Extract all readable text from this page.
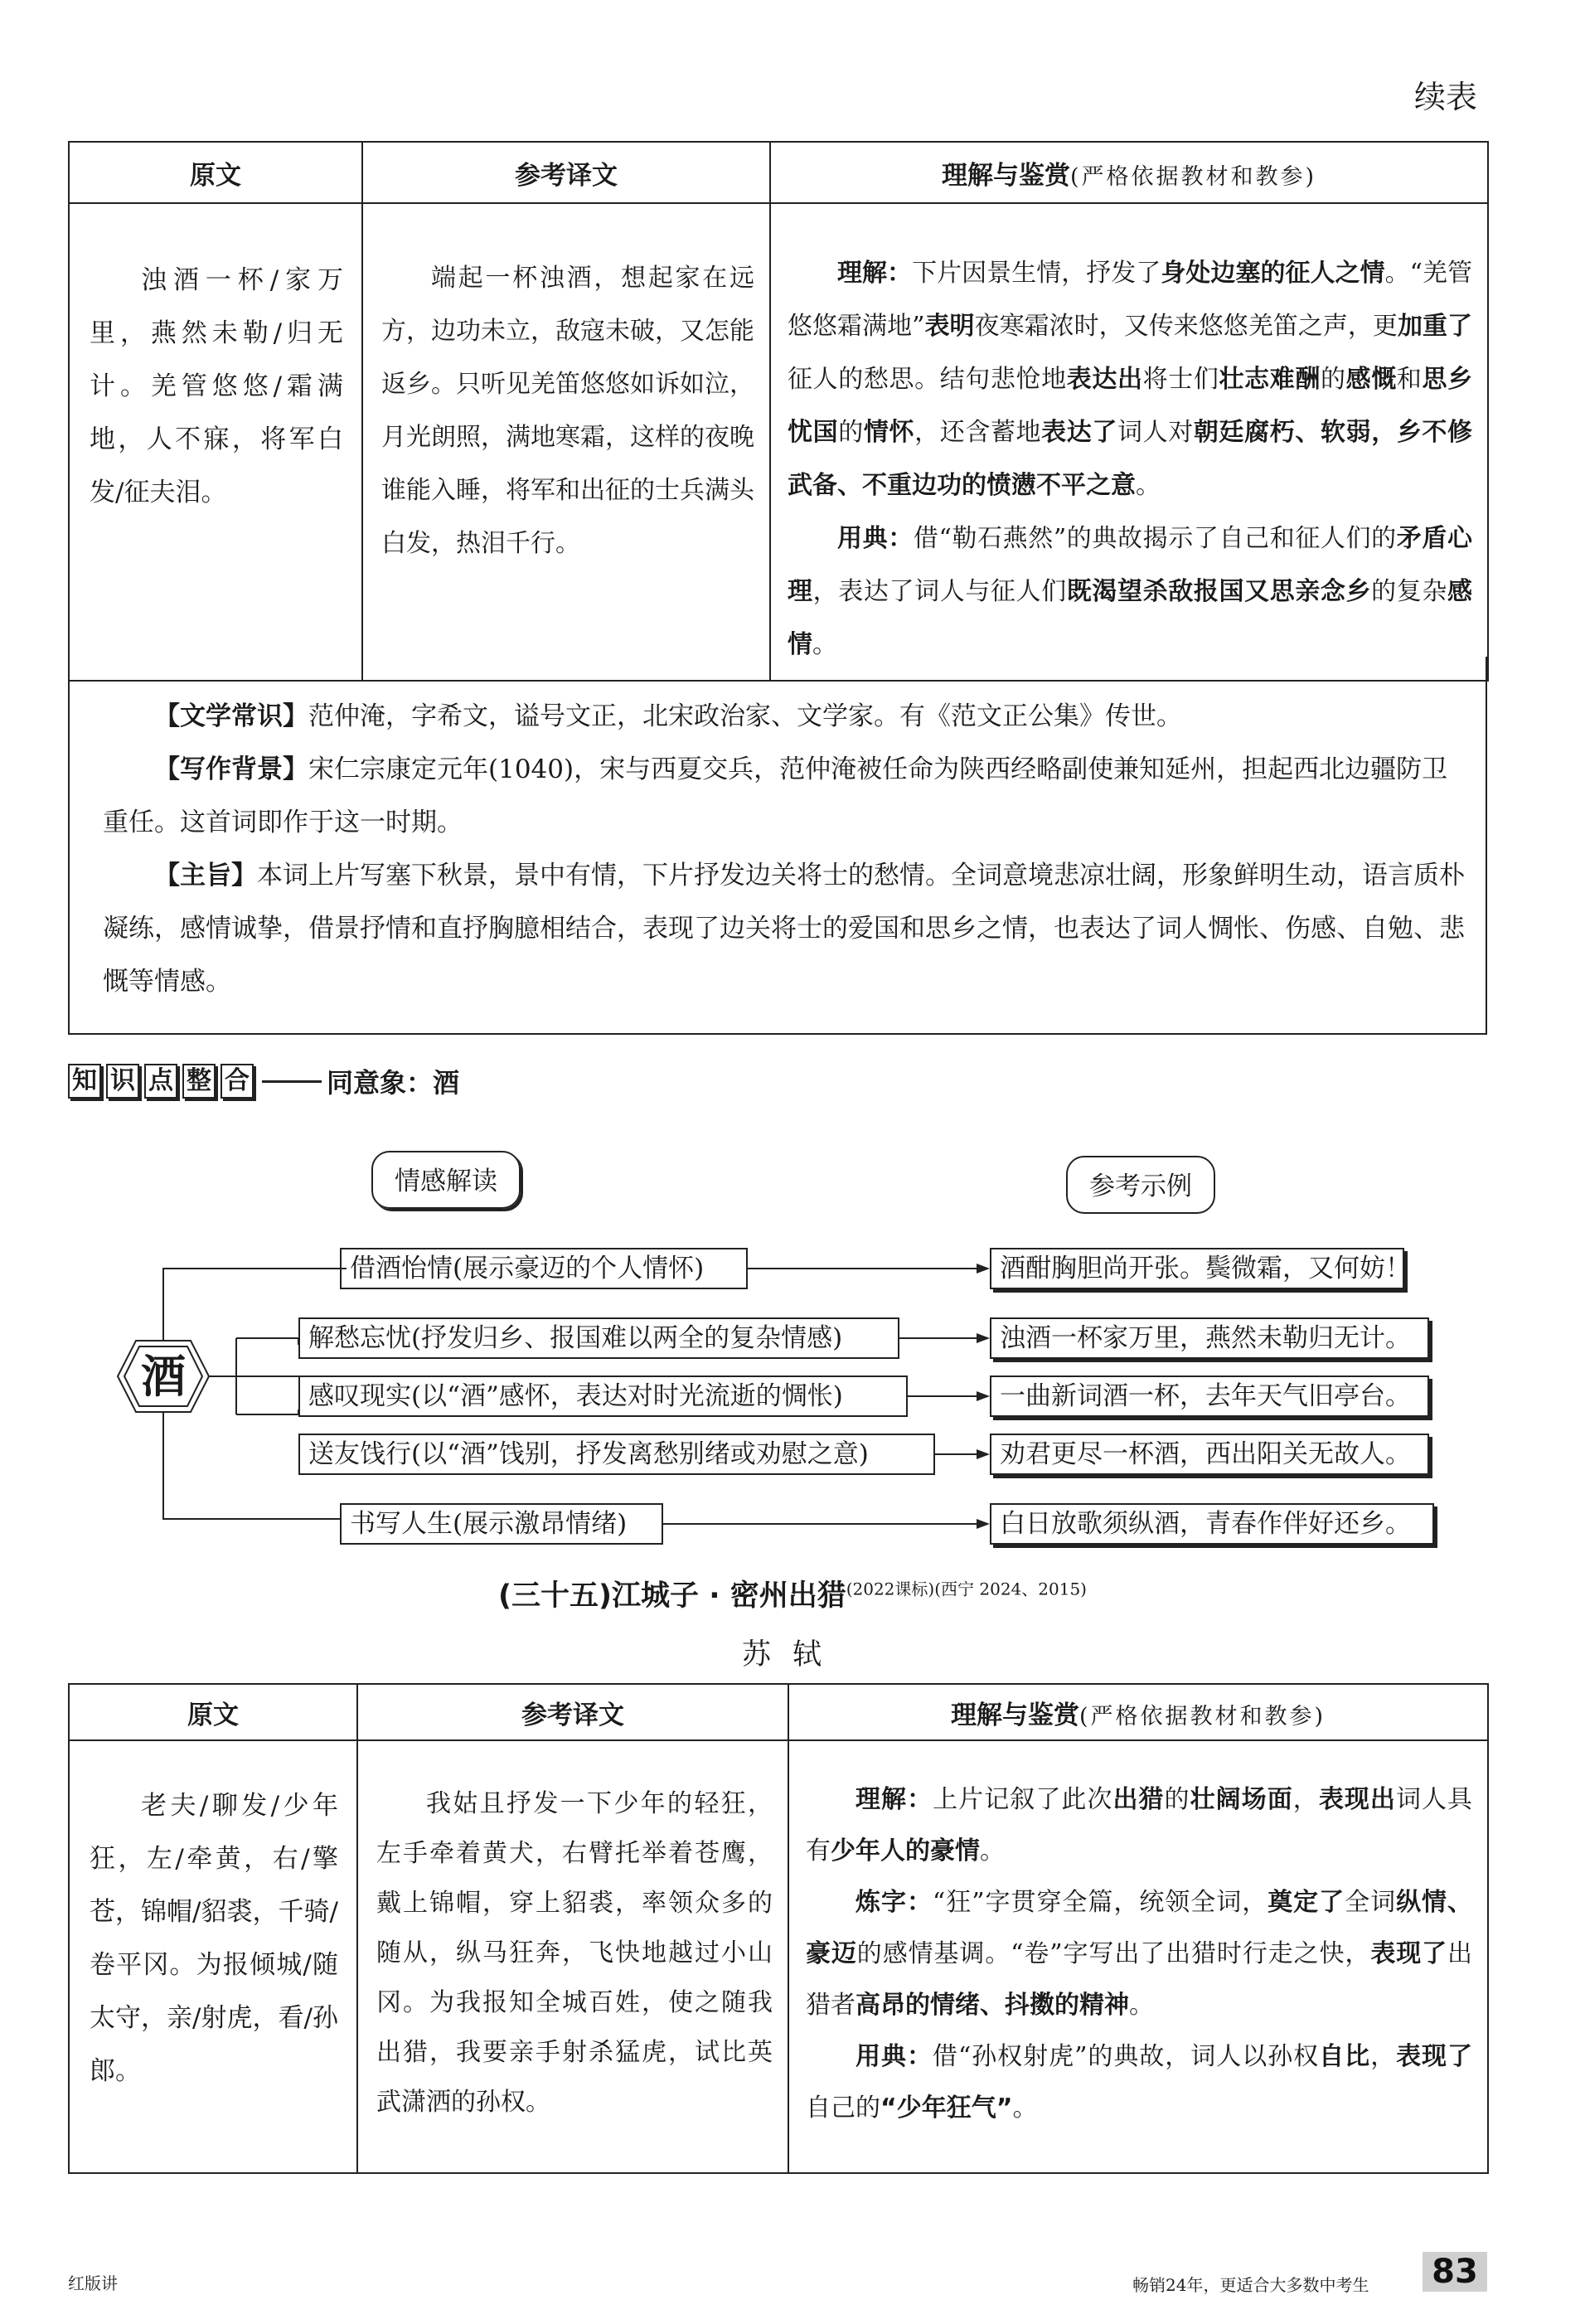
续表
原文	参考译文	理解与鉴赏(严格依据教材和教参)

浊酒一杯/家万里，燕然未勒/归无计。羌管悠悠/霜满地，人不寐，将军白发/征夫泪。	端起一杯浊酒，想起家在远方，边功未立，敌寇未破，又怎能返乡。只听见羌笛悠悠如诉如泣，月光朗照，满地寒霜，这样的夜晚谁能入睡，将军和出征的士兵满头白发，热泪千行。	理解：下片因景生情，抒发了身处边塞的征人之情。“羌管悠悠霜满地”表明夜寒霜浓时，又传来悠悠羌笛之声，更加重了征人的愁思。结句悲怆地表达出将士们壮志难酬的感慨和思乡忧国的情怀，还含蓄地表达了词人对朝廷腐朽、软弱，乡不修武备、不重边功的愤懑不平之意。

用典：借“勒石燕然”的典故揭示了自己和征人们的矛盾心理，表达了词人与征人们既渴望杀敌报国又思亲念乡的复杂感情。

【文学常识】范仲淹，字希文，谥号文正，北宋政治家、文学家。有《范文正公集》传世。

【写作背景】宋仁宗康定元年(1040)，宋与西夏交兵，范仲淹被任命为陕西经略副使兼知延州，担起西北边疆防卫重任。这首词即作于这一时期。

【主旨】本词上片写塞下秋景，景中有情，下片抒发边关将士的愁情。全词意境悲凉壮阔，形象鲜明生动，语言质朴凝练，感情诚挚，借景抒情和直抒胸臆相结合，表现了边关将士的爱国和思乡之情，也表达了词人惆怅、伤感、自勉、悲慨等情感。

知 识 点 整 合	同意象：酒
情感解读	参考示例
酒
借酒怡情(展示豪迈的个人情怀)
解愁忘忧(抒发归乡、报国难以两全的复杂情感)
感叹现实(以“酒”感怀，表达对时光流逝的惆怅)
送友饯行(以“酒”饯别，抒发离愁别绪或劝慰之意)
书写人生(展示激昂情绪)
酒酣胸胆尚开张。鬓微霜，又何妨！
浊酒一杯家万里，燕然未勒归无计。
一曲新词酒一杯，去年天气旧亭台。
劝君更尽一杯酒，西出阳关无故人。
白日放歌须纵酒，青春作伴好还乡。
(三十五)江城子 · 密州出猎$^{(2022课标)(西宁 2024、2015)}$
苏轼
原文	参考译文	理解与鉴赏(严格依据教材和教参)

老夫/聊发/少年狂，左/牵黄，右/擎苍，锦帽/貂裘，千骑/卷平冈。为报倾城/随太守，亲/射虎，看/孙郎。	我姑且抒发一下少年的轻狂，左手牵着黄犬，右臂托举着苍鹰，戴上锦帽，穿上貂裘，率领众多的随从，纵马狂奔，飞快地越过小山冈。为我报知全城百姓，使之随我出猎，我要亲手射杀猛虎，试比英武潇洒的孙权。	理解：上片记叙了此次出猎的壮阔场面，表现出词人具有少年人的豪情。

炼字：“狂”字贯穿全篇，统领全词，奠定了全词纵情、豪迈的感情基调。“卷”字写出了出猎时行走之快，表现了出猎者高昂的情绪、抖擞的精神。

用典：借“孙权射虎”的典故，词人以孙权自比，表现了自己的“少年狂气”。

红版讲	畅销24年，更适合大多数中考生 83
